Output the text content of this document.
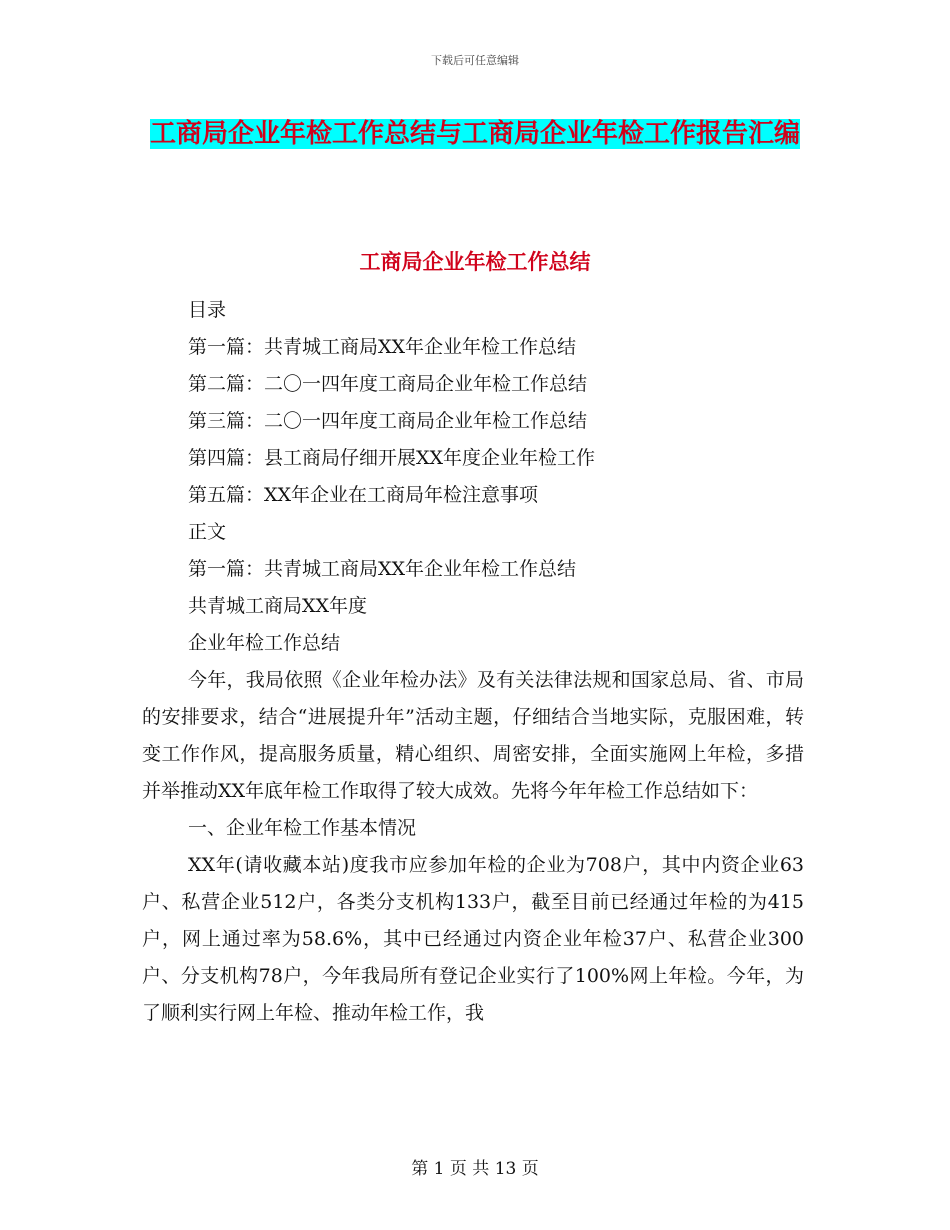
下载后可任意编辑
工商局企业年检工作总结与工商局企业年检工作报告汇编
工商局企业年检工作总结
目录
第一篇：共青城工商局XX年企业年检工作总结
第二篇：二〇一四年度工商局企业年检工作总结
第三篇：二〇一四年度工商局企业年检工作总结
第四篇：县工商局仔细开展XX年度企业年检工作
第五篇：XX年企业在工商局年检注意事项
正文
第一篇：共青城工商局XX年企业年检工作总结
共青城工商局XX年度
企业年检工作总结
今年，我局依照《企业年检办法》及有关法律法规和国家总局、省、市局的安排要求，结合“进展提升年”活动主题，仔细结合当地实际，克服困难，转变工作作风，提高服务质量，精心组织、周密安排，全面实施网上年检，多措并举推动XX年底年检工作取得了较大成效。先将今年年检工作总结如下：
一、企业年检工作基本情况
XX年(请收藏本站)度我市应参加年检的企业为708户，其中内资企业63户、私营企业512户，各类分支机构133户，截至目前已经通过年检的为415户，网上通过率为58.6%，其中已经通过内资企业年检37户、私营企业300户、分支机构78户，今年我局所有登记企业实行了100%网上年检。今年，为了顺利实行网上年检、推动年检工作，我
第 1 页 共 13 页
